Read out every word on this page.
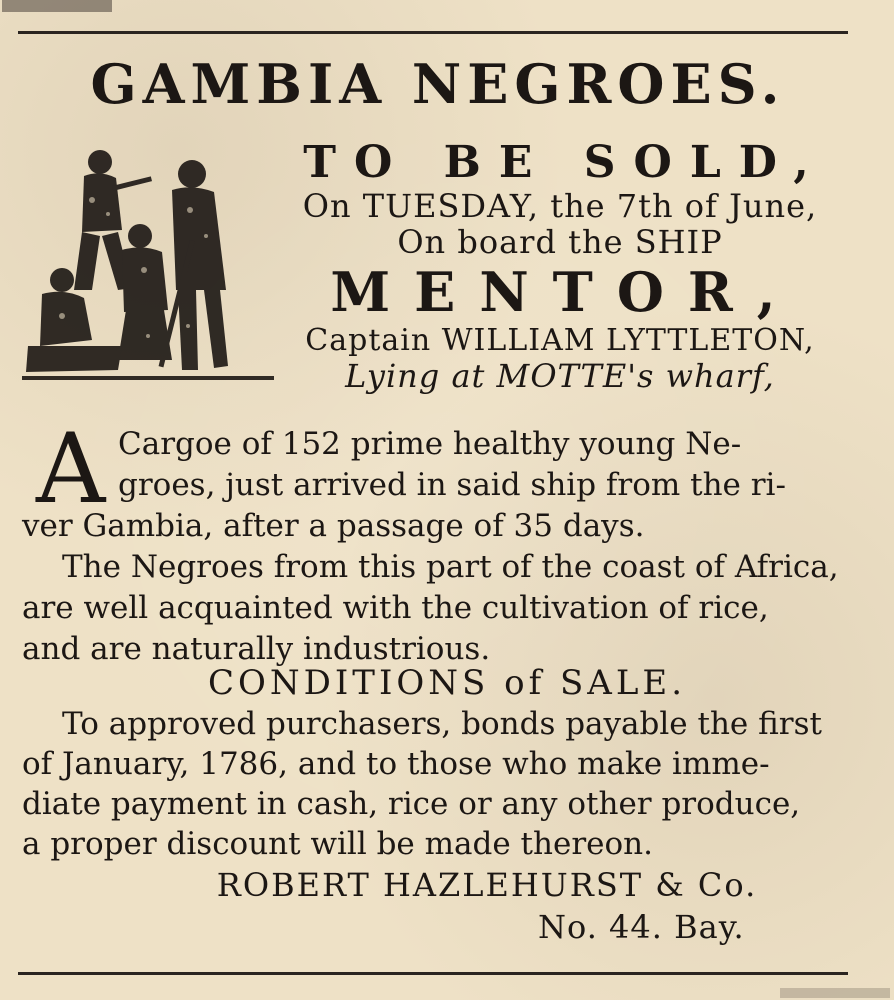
GAMBIA NEGROES.
TO BE SOLD,
On TUESDAY, the 7th of June,
On board the SHIP
MENTOR,
Captain WILLIAM LYTTLETON,
Lying at MOTTE's wharf,
A Cargoe of 152 prime healthy young Ne-
groes, just arrived in said ship from the ri-
ver Gambia, after a passage of 35 days.
The Negroes from this part of the coast of Africa,
are well acquainted with the cultivation of rice,
and are naturally industrious.
CONDITIONS of SALE.
To approved purchasers, bonds payable the first
of January, 1786, and to those who make imme-
diate payment in cash, rice or any other produce,
a proper discount will be made thereon.
ROBERT HAZLEHURST & Co.
No. 44. Bay.
